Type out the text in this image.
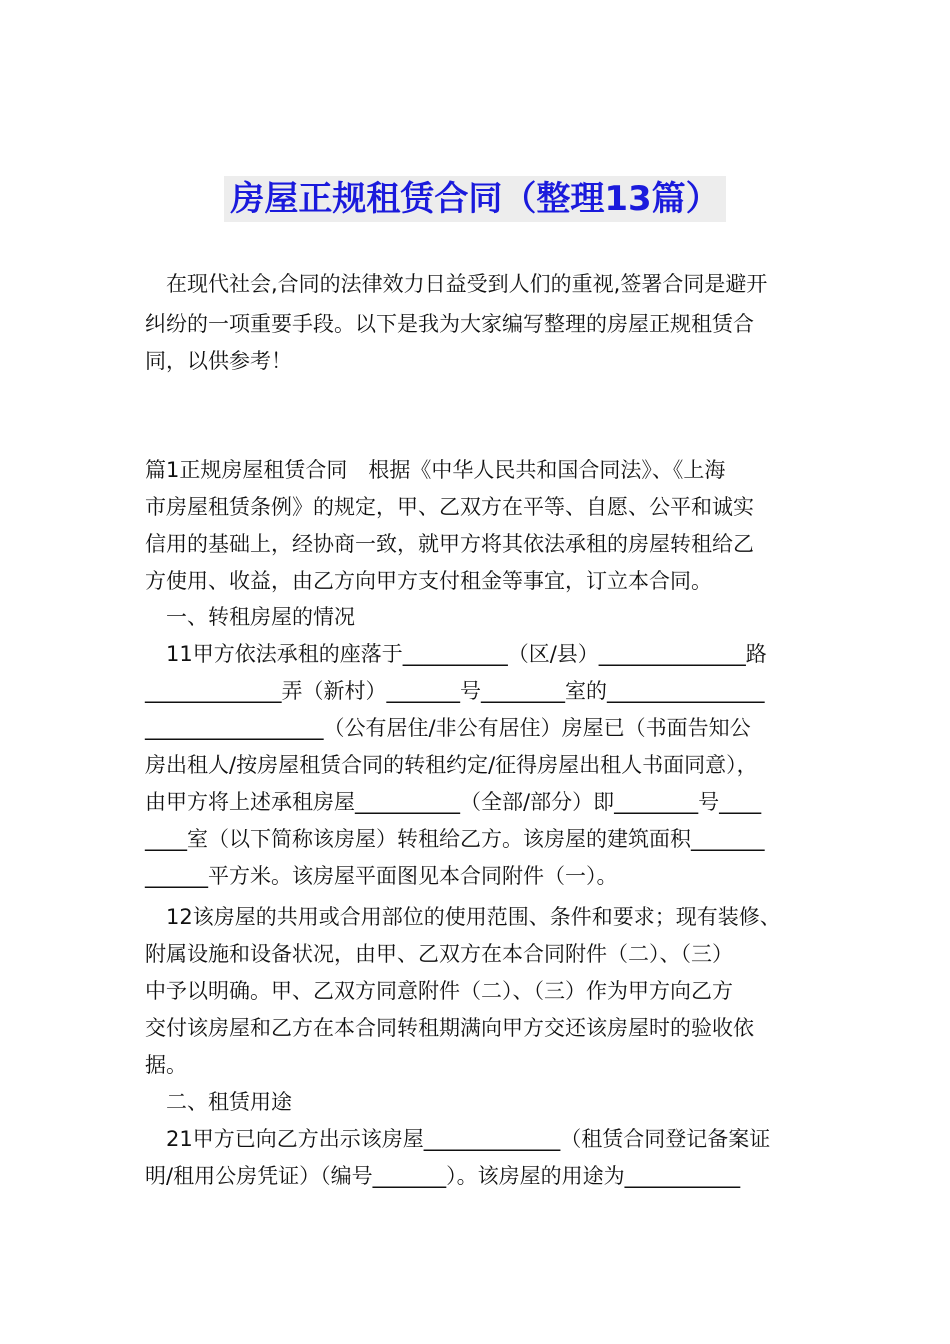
房屋正规租赁合同（整理13篇）
　在现代社会,合同的法律效力日益受到人们的重视,签署合同是避开
纠纷的一项重要手段。以下是我为大家编写整理的房屋正规租赁合
同，以供参考！
篇1正规房屋租赁合同　根据《中华人民共和国合同法》、《上海
市房屋租赁条例》的规定，甲、乙双方在平等、自愿、公平和诚实
信用的基础上，经协商一致，就甲方将其依法承租的房屋转租给乙
方使用、收益，由乙方向甲方支付租金等事宜，订立本合同。
　一、转租房屋的情况
　11甲方依法承租的座落于__________（区/县）______________路
_____________弄（新村）_______号________室的_______________
_________________（公有居住/非公有居住）房屋已（书面告知公
房出租人/按房屋租赁合同的转租约定/征得房屋出租人书面同意），
由甲方将上述承租房屋__________（全部/部分）即________号____
____室（以下简称该房屋）转租给乙方。该房屋的建筑面积_______
______平方米。该房屋平面图见本合同附件（一）。
　12该房屋的共用或合用部位的使用范围、条件和要求；现有装修、
附属设施和设备状况，由甲、乙双方在本合同附件（二）、（三）
中予以明确。甲、乙双方同意附件（二）、（三）作为甲方向乙方
交付该房屋和乙方在本合同转租期满向甲方交还该房屋时的验收依
据。
　二、租赁用途
　21甲方已向乙方出示该房屋_____________（租赁合同登记备案证
明/租用公房凭证）（编号_______）。该房屋的用途为___________
